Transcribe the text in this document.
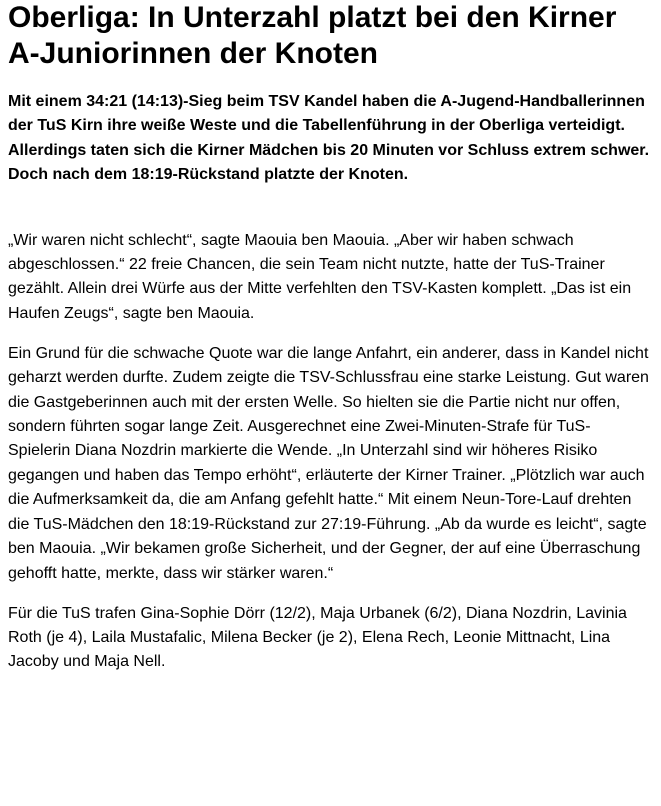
Oberliga: In Unterzahl platzt bei den Kirner A-Juniorinnen der Knoten

Mit einem 34:21 (14:13)-Sieg beim TSV Kandel haben die A-Jugend-Handballerinnen der TuS Kirn ihre weiße Weste und die Tabellenführung in der Oberliga verteidigt. Allerdings taten sich die Kirner Mädchen bis 20 Minuten vor Schluss extrem schwer. Doch nach dem 18:19-Rückstand platzte der Knoten.

„Wir waren nicht schlecht“, sagte Maouia ben Maouia. „Aber wir haben schwach abgeschlossen.“ 22 freie Chancen, die sein Team nicht nutzte, hatte der TuS-Trainer gezählt. Allein drei Würfe aus der Mitte verfehlten den TSV-Kasten komplett. „Das ist ein Haufen Zeugs“, sagte ben Maouia.

Ein Grund für die schwache Quote war die lange Anfahrt, ein anderer, dass in Kandel nicht geharzt werden durfte. Zudem zeigte die TSV-Schlussfrau eine starke Leistung. Gut waren die Gastgeberinnen auch mit der ersten Welle. So hielten sie die Partie nicht nur offen, sondern führten sogar lange Zeit. Ausgerechnet eine Zwei-Minuten-Strafe für TuS-Spielerin Diana Nozdrin markierte die Wende. „In Unterzahl sind wir höheres Risiko gegangen und haben das Tempo erhöht“, erläuterte der Kirner Trainer. „Plötzlich war auch die Aufmerksamkeit da, die am Anfang gefehlt hatte.“ Mit einem Neun-Tore-Lauf drehten die TuS-Mädchen den 18:19-Rückstand zur 27:19-Führung. „Ab da wurde es leicht“, sagte ben Maouia. „Wir bekamen große Sicherheit, und der Gegner, der auf eine Überraschung gehofft hatte, merkte, dass wir stärker waren.“

Für die TuS trafen Gina-Sophie Dörr (12/2), Maja Urbanek (6/2), Diana Nozdrin, Lavinia Roth (je 4), Laila Mustafalic, Milena Becker (je 2), Elena Rech, Leonie Mittnacht, Lina Jacoby und Maja Nell.
